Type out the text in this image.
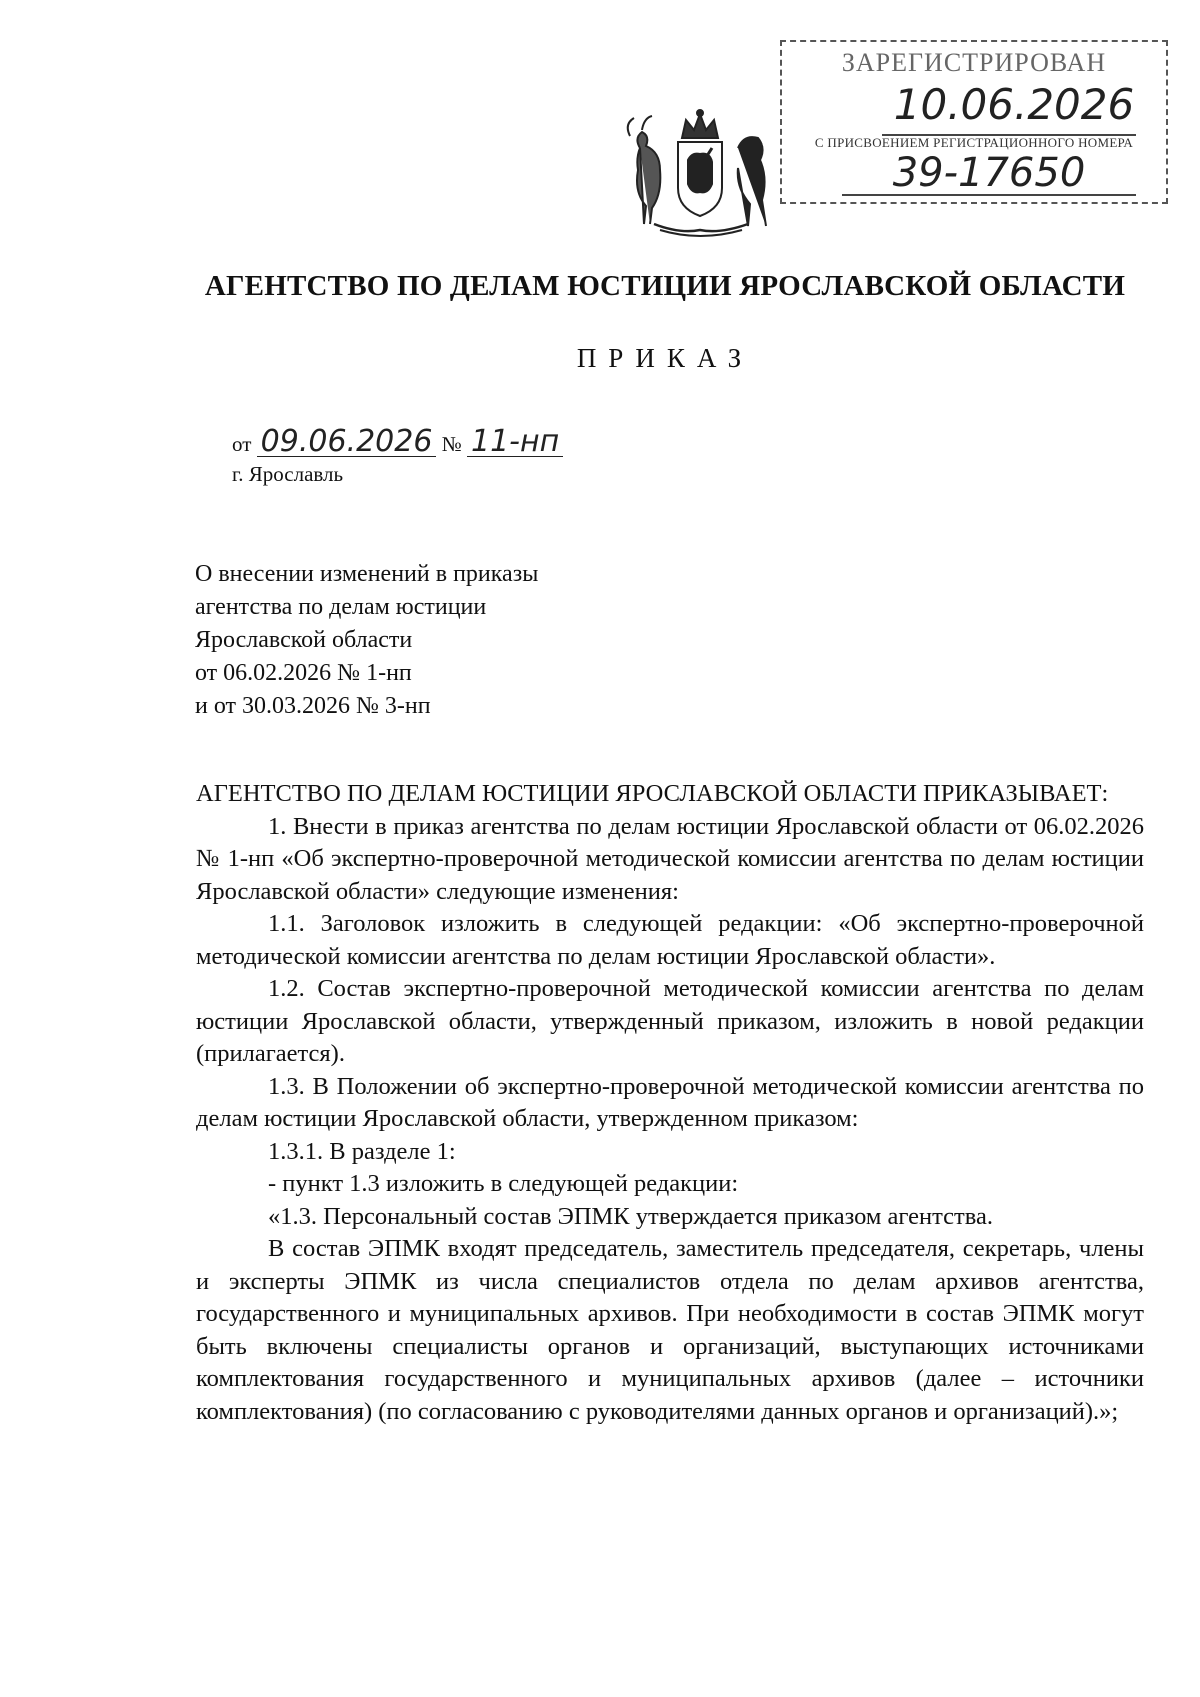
ЗАРЕГИСТРИРОВАН
10.06.2026
С ПРИСВОЕНИЕМ РЕГИСТРАЦИОННОГО НОМЕРА
39-17650
АГЕНТСТВО ПО ДЕЛАМ ЮСТИЦИИ ЯРОСЛАВСКОЙ ОБЛАСТИ
ПРИКАЗ
от 09.06.2026 № 11-нп
г. Ярославль
О внесении изменений в приказы
агентства по делам юстиции
Ярославской области
от 06.02.2026 № 1-нп
и от 30.03.2026 № 3-нп

АГЕНТСТВО ПО ДЕЛАМ ЮСТИЦИИ ЯРОСЛАВСКОЙ ОБЛАСТИ ПРИКАЗЫВАЕТ:

1. Внести в приказ агентства по делам юстиции Ярославской области от 06.02.2026 № 1-нп «Об экспертно-проверочной методической комиссии агентства по делам юстиции Ярославской области» следующие изменения:

1.1. Заголовок изложить в следующей редакции: «Об экспертно-проверочной методической комиссии агентства по делам юстиции Ярославской области».

1.2. Состав экспертно-проверочной методической комиссии агентства по делам юстиции Ярославской области, утвержденный приказом, изложить в новой редакции (прилагается).

1.3. В Положении об экспертно-проверочной методической комиссии агентства по делам юстиции Ярославской области, утвержденном приказом:

1.3.1. В разделе 1:

- пункт 1.3 изложить в следующей редакции:

«1.3. Персональный состав ЭПМК утверждается приказом агентства.

В состав ЭПМК входят председатель, заместитель председателя, секретарь, члены и эксперты ЭПМК из числа специалистов отдела по делам архивов агентства, государственного и муниципальных архивов. При необходимости в состав ЭПМК могут быть включены специалисты органов и организаций, выступающих источниками комплектования государственного и муниципальных архивов (далее – источники комплектования) (по согласованию с руководителями данных органов и организаций).»;
